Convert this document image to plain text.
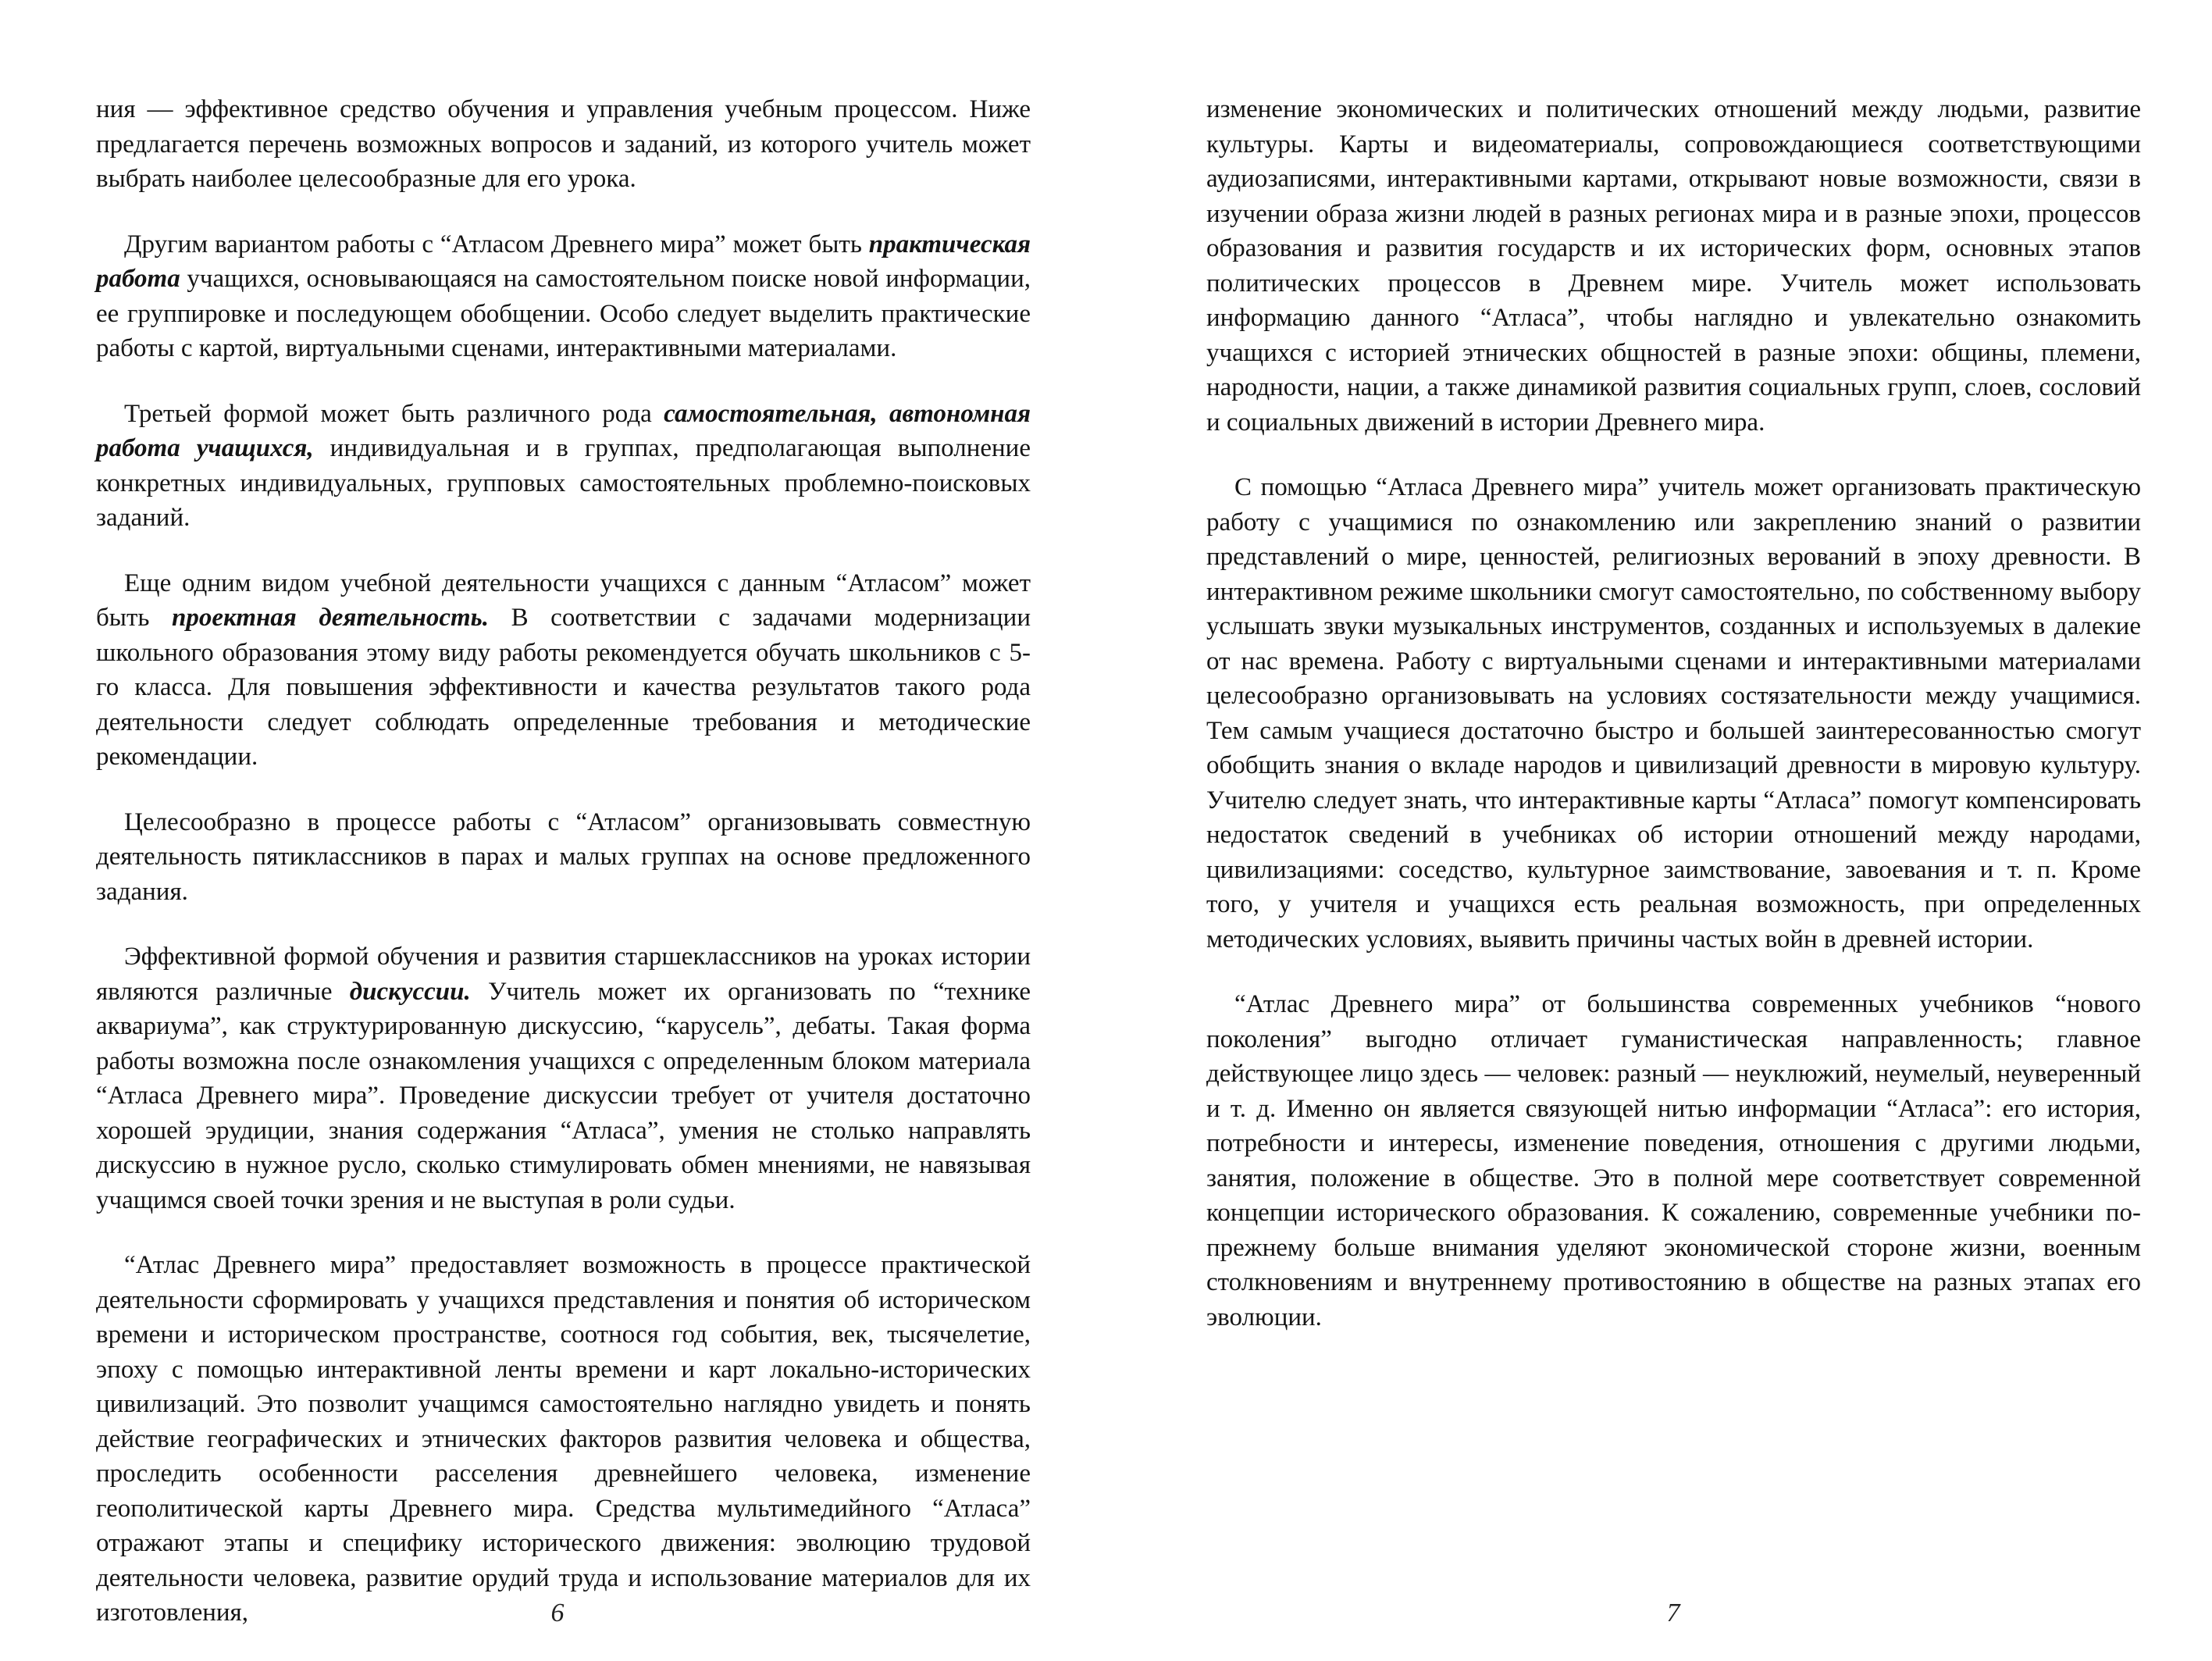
ния — эффективное средство обучения и управления учебным процессом. Ниже предлагается перечень возможных вопросов и заданий, из которого учитель может выбрать наиболее целесообразные для его урока.

Другим вариантом работы с “Атласом Древнего мира” может быть практическая работа учащихся, основывающаяся на самостоятельном поиске новой информации, ее группировке и последующем обобщении. Особо следует выделить практические работы с картой, виртуальными сценами, интерактивными материалами.

Третьей формой может быть различного рода самостоятельная, автономная работа учащихся, индивидуальная и в группах, предполагающая выполнение конкретных индивидуальных, групповых самостоятельных проблемно-поисковых заданий.

Еще одним видом учебной деятельности учащихся с данным “Атласом” может быть проектная деятельность. В соответствии с задачами модернизации школьного образования этому виду работы рекомендуется обучать школьников с 5-го класса. Для повышения эффективности и качества результатов такого рода деятельности следует соблюдать определенные требования и методические рекомендации.

Целесообразно в процессе работы с “Атласом” организовывать совместную деятельность пятиклассников в парах и малых группах на основе предложенного задания.

Эффективной формой обучения и развития старшеклассников на уроках истории являются различные дискуссии. Учитель может их организовать по “технике аквариума”, как структурированную дискуссию, “карусель”, дебаты. Такая форма работы возможна после ознакомления учащихся с определенным блоком материала “Атласа Древнего мира”. Проведение дискуссии требует от учителя достаточно хорошей эрудиции, знания содержания “Атласа”, умения не столько направлять дискуссию в нужное русло, сколько стимулировать обмен мнениями, не навязывая учащимся своей точки зрения и не выступая в роли судьи.

“Атлас Древнего мира” предоставляет возможность в процессе практической деятельности сформировать у учащихся представления и понятия об историческом времени и историческом пространстве, соотнося год события, век, тысячелетие, эпоху с помощью интерактивной ленты времени и карт локально-исторических цивилизаций. Это позволит учащимся самостоятельно наглядно увидеть и понять действие географических и этнических факторов развития человека и общества, проследить особенности расселения древнейшего человека, изменение геополитической карты Древнего мира. Средства мультимедийного “Атласа” отражают этапы и специфику исторического движения: эволюцию трудовой деятельности человека, развитие орудий труда и использование материалов для их изготовления,

изменение экономических и политических отношений между людьми, развитие культуры. Карты и видеоматериалы, сопровождающиеся соответствующими аудиозаписями, интерактивными картами, открывают новые возможности, связи в изучении образа жизни людей в разных регионах мира и в разные эпохи, процессов образования и развития государств и их исторических форм, основных этапов политических процессов в Древнем мире. Учитель может использовать информацию данного “Атласа”, чтобы наглядно и увлекательно ознакомить учащихся с историей этнических общностей в разные эпохи: общины, племени, народности, нации, а также динамикой развития социальных групп, слоев, сословий и социальных движений в истории Древнего мира.

С помощью “Атласа Древнего мира” учитель может организовать практическую работу с учащимися по ознакомлению или закреплению знаний о развитии представлений о мире, ценностей, религиозных верований в эпоху древности. В интерактивном режиме школьники смогут самостоятельно, по собственному выбору услышать звуки музыкальных инструментов, созданных и используемых в далекие от нас времена. Работу с виртуальными сценами и интерактивными материалами целесообразно организовывать на условиях состязательности между учащимися. Тем самым учащиеся достаточно быстро и большей заинтересованностью смогут обобщить знания о вкладе народов и цивилизаций древности в мировую культуру. Учителю следует знать, что интерактивные карты “Атласа” помогут компенсировать недостаток сведений в учебниках об истории отношений между народами, цивилизациями: соседство, культурное заимствование, завоевания и т. п. Кроме того, у учителя и учащихся есть реальная возможность, при определенных методических условиях, выявить причины частых войн в древней истории.

“Атлас Древнего мира” от большинства современных учебников “нового поколения” выгодно отличает гуманистическая направленность; главное действующее лицо здесь — человек: разный — неуклюжий, неумелый, неуверенный и т. д. Именно он является связующей нитью информации “Атласа”: его история, потребности и интересы, изменение поведения, отношения с другими людьми, занятия, положение в обществе. Это в полной мере соответствует современной концепции исторического образования. К сожалению, современные учебники по-прежнему больше внимания уделяют экономической стороне жизни, военным столкновениям и внутреннему противостоянию в обществе на разных этапах его эволюции.

6	7
